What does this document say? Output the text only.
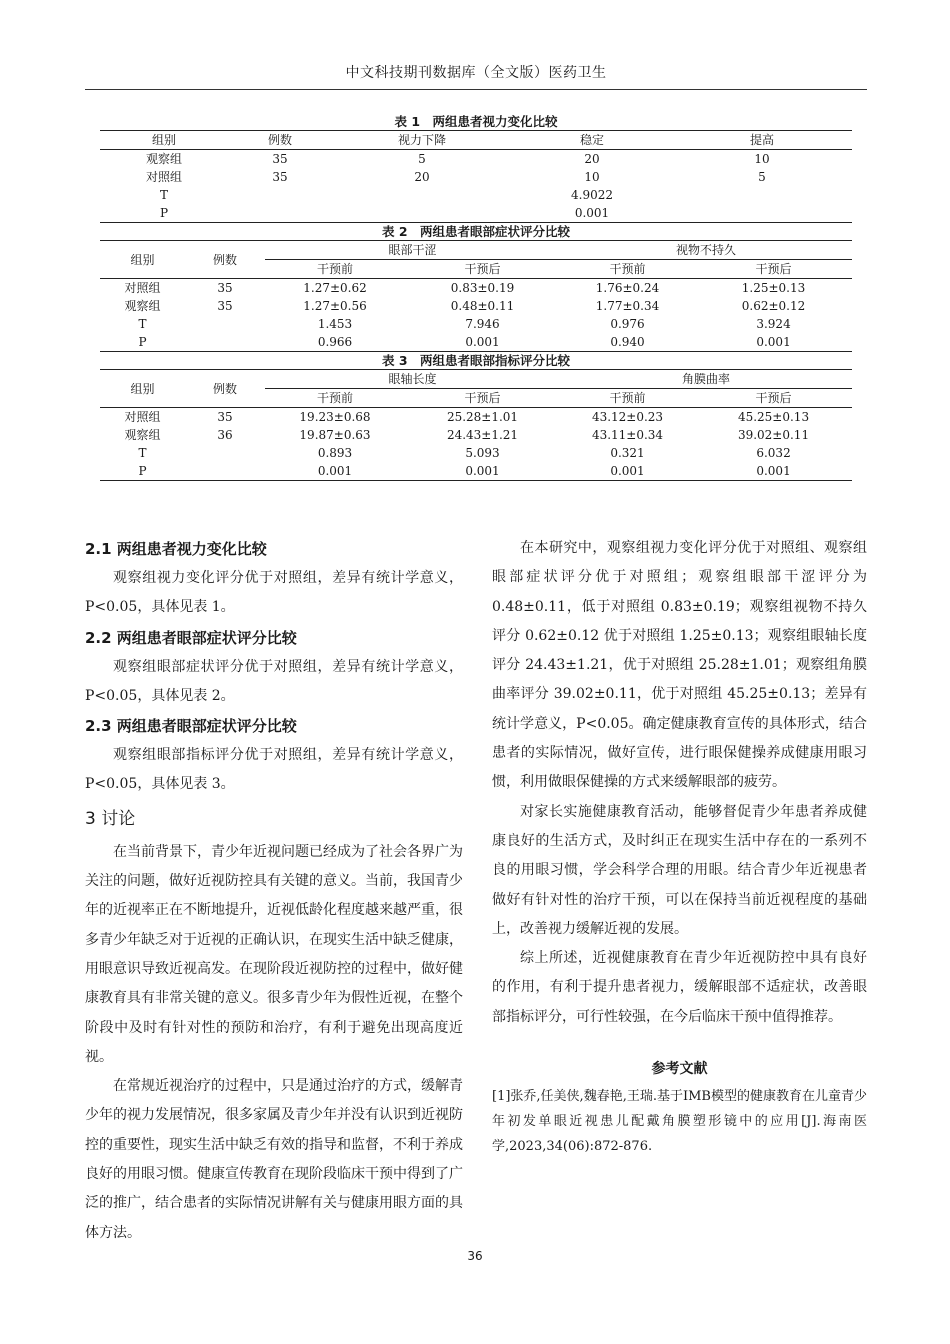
中文科技期刊数据库（全文版）医药卫生
表 1　两组患者视力变化比较
组别	例数	视力下降	稳定	提高
观察组	35	5	20	10
对照组	35	20	10	5
T			4.9022	
P			0.001	
表 2　两组患者眼部症状评分比较
组别	例数	眼部干涩		视物不持久	
		干预前	干预后	干预前	干预后
对照组	35	1.27±0.62	0.83±0.19	1.76±0.24	1.25±0.13
观察组	35	1.27±0.56	0.48±0.11	1.77±0.34	0.62±0.12
T		1.453	7.946	0.976	3.924
P		0.966	0.001	0.940	0.001
表 3　两组患者眼部指标评分比较
组别	例数	眼轴长度		角膜曲率	
		干预前	干预后	干预前	干预后
对照组	35	19.23±0.68	25.28±1.01	43.12±0.23	45.25±0.13
观察组	36	19.87±0.63	24.43±1.21	43.11±0.34	39.02±0.11
T		0.893	5.093	0.321	6.032
P		0.001	0.001	0.001	0.001
2.1 两组患者视力变化比较

观察组视力变化评分优于对照组，差异有统计学意义，P<0.05，具体见表 1。

2.2 两组患者眼部症状评分比较

观察组眼部症状评分优于对照组，差异有统计学意义，P<0.05，具体见表 2。

2.3 两组患者眼部症状评分比较

观察组眼部指标评分优于对照组，差异有统计学意义，P<0.05，具体见表 3。

3 讨论

在当前背景下，青少年近视问题已经成为了社会各界广为关注的问题，做好近视防控具有关键的意义。当前，我国青少年的近视率正在不断地提升，近视低龄化程度越来越严重，很多青少年缺乏对于近视的正确认识，在现实生活中缺乏健康，用眼意识导致近视高发。在现阶段近视防控的过程中，做好健康教育具有非常关键的意义。很多青少年为假性近视，在整个阶段中及时有针对性的预防和治疗，有利于避免出现高度近视。

在常规近视治疗的过程中，只是通过治疗的方式，缓解青少年的视力发展情况，很多家属及青少年并没有认识到近视防控的重要性，现实生活中缺乏有效的指导和监督，不利于养成良好的用眼习惯。健康宣传教育在现阶段临床干预中得到了广泛的推广，结合患者的实际情况讲解有关与健康用眼方面的具体方法。

在本研究中，观察组视力变化评分优于对照组、观察组眼部症状评分优于对照组；观察组眼部干涩评分为 0.48±0.11，低于对照组 0.83±0.19；观察组视物不持久评分 0.62±0.12 优于对照组 1.25±0.13；观察组眼轴长度评分 24.43±1.21，优于对照组 25.28±1.01；观察组角膜曲率评分 39.02±0.11，优于对照组 45.25±0.13；差异有统计学意义，P<0.05。确定健康教育宣传的具体形式，结合患者的实际情况，做好宣传，进行眼保健操养成健康用眼习惯，利用做眼保健操的方式来缓解眼部的疲劳。

对家长实施健康教育活动，能够督促青少年患者养成健康良好的生活方式，及时纠正在现实生活中存在的一系列不良的用眼习惯，学会科学合理的用眼。结合青少年近视患者做好有针对性的治疗干预，可以在保持当前近视程度的基础上，改善视力缓解近视的发展。

综上所述，近视健康教育在青少年近视防控中具有良好的作用，有利于提升患者视力，缓解眼部不适症状，改善眼部指标评分，可行性较强，在今后临床干预中值得推荐。

参考文献

[1]张乔,任美侠,魏春艳,王瑞.基于IMB模型的健康教育在儿童青少年初发单眼近视患儿配戴角膜塑形镜中的应用[J].海南医学,2023,34(06):872-876.

36
